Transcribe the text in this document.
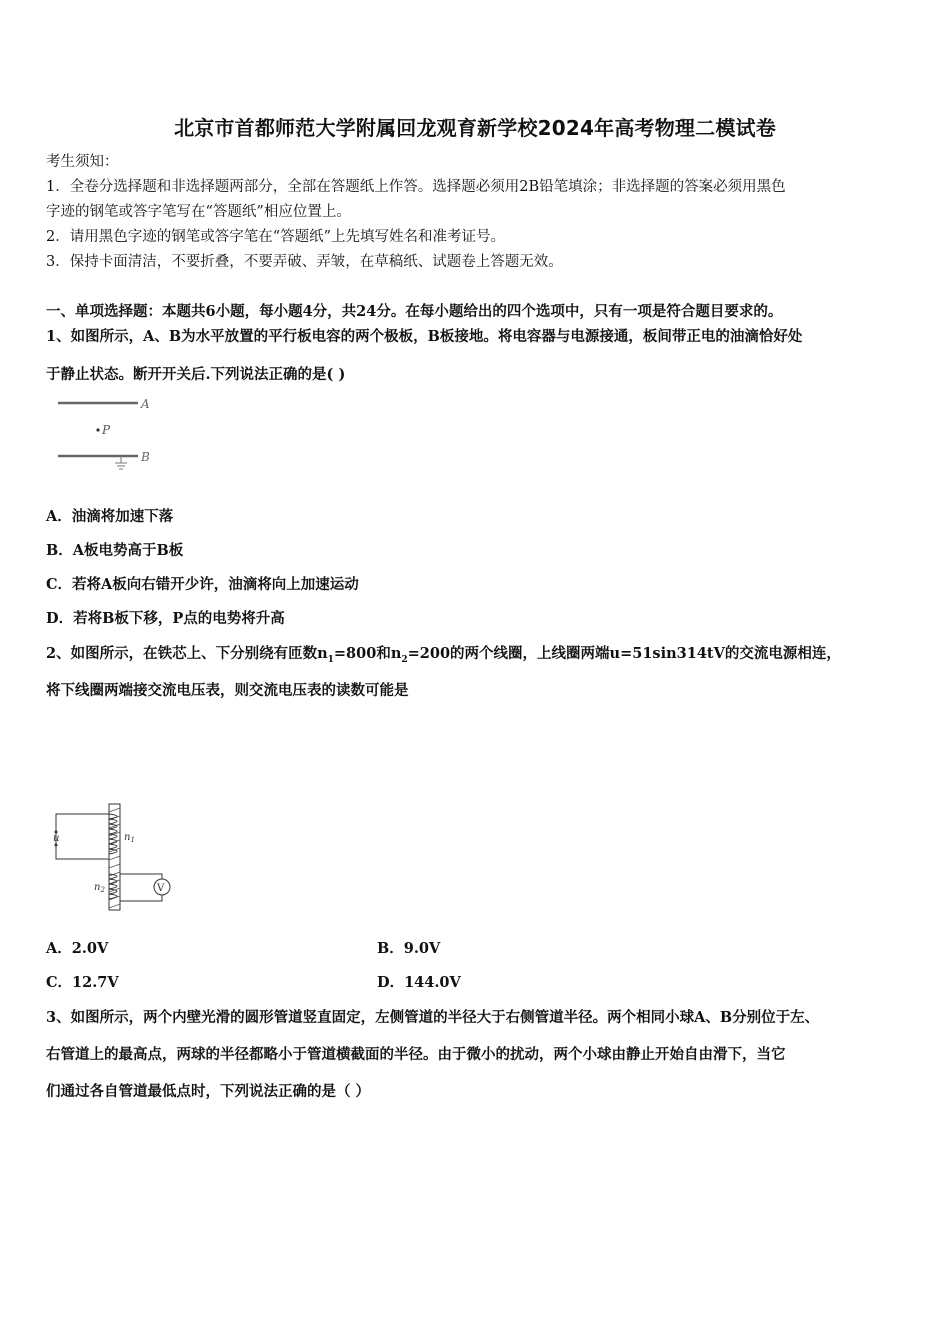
北京市首都师范大学附属回龙观育新学校2024年高考物理二模试卷
考生须知：
1．全卷分选择题和非选择题两部分，全部在答题纸上作答。选择题必须用2B铅笔填涂；非选择题的答案必须用黑色
字迹的钢笔或答字笔写在“答题纸”相应位置上。
2．请用黑色字迹的钢笔或答字笔在“答题纸”上先填写姓名和准考证号。
3．保持卡面清洁，不要折叠，不要弄破、弄皱，在草稿纸、试题卷上答题无效。
一、单项选择题：本题共6小题，每小题4分，共24分。在每小题给出的四个选项中，只有一项是符合题目要求的。
1、如图所示，A、B为水平放置的平行板电容的两个极板，B板接地。将电容器与电源接通，板间带正电的油滴恰好处
于静止状态。断开开关后.下列说法正确的是( )
A
P
B
A．油滴将加速下落
B．A板电势高于B板
C．若将A板向右错开少许，油滴将向上加速运动
D．若将B板下移，P点的电势将升高
2、如图所示，在铁芯上、下分别绕有匝数$n_1=800$和$n_2=200$的两个线圈，上线圈两端u=51sin314tV的交流电源相连，
将下线圈两端接交流电压表，则交流电压表的读数可能是
u	$n_1$
V
$n_2$
A．2.0V	B．9.0V
C．12.7V	D．144.0V
3、如图所示，两个内壁光滑的圆形管道竖直固定，左侧管道的半径大于右侧管道半径。两个相同小球A、B分别位于左、
右管道上的最高点，两球的半径都略小于管道横截面的半径。由于微小的扰动，两个小球由静止开始自由滑下，当它
们通过各自管道最低点时，下列说法正确的是（ ）
